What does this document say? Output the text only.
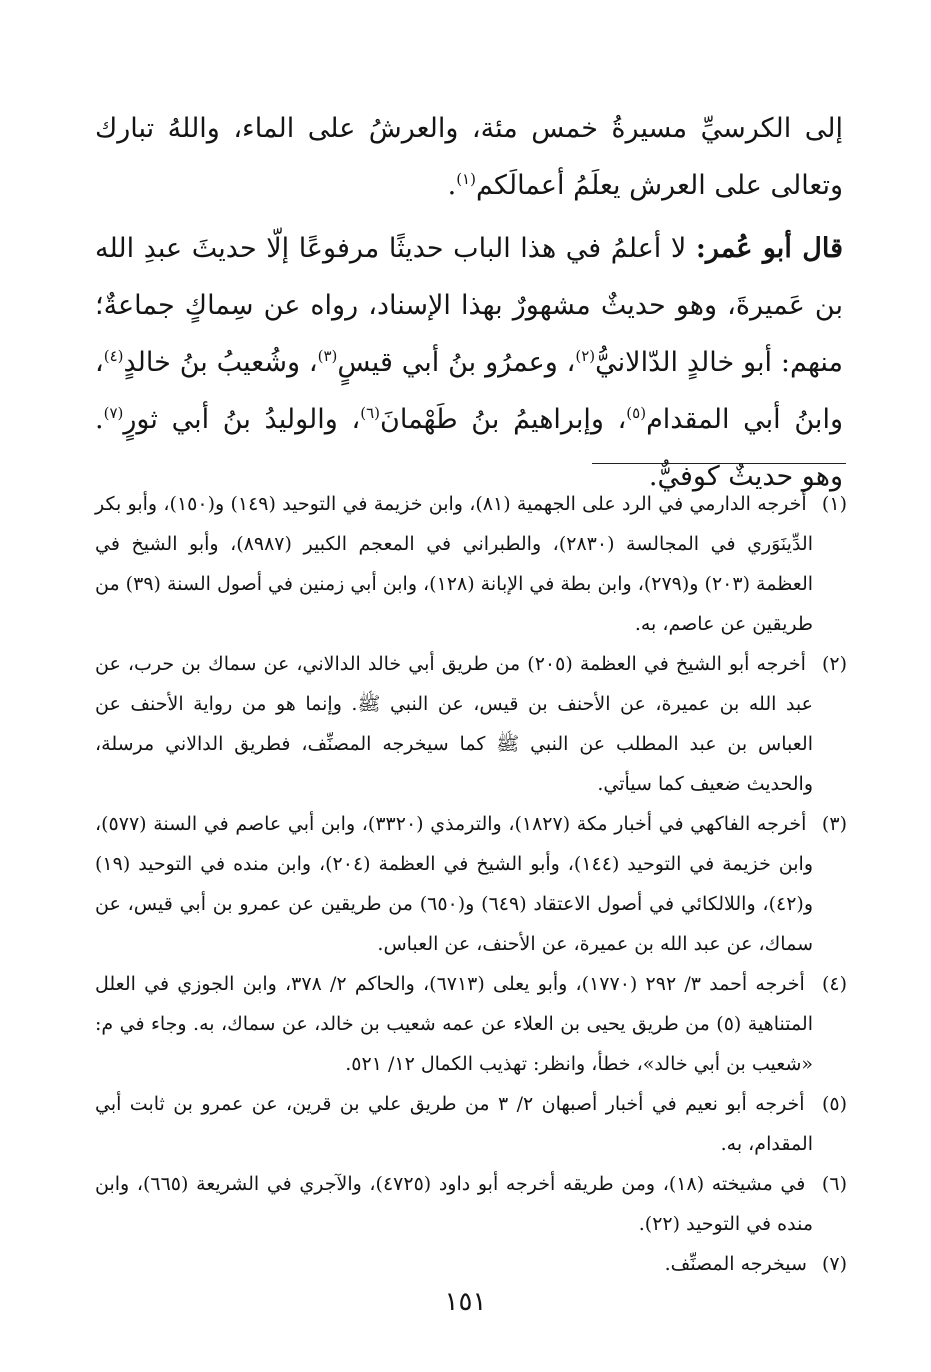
إلى الكرسيِّ مسيرةُ خمس مئة، والعرشُ على الماء، واللهُ تبارك وتعالى على العرش يعلَمُ أعمالَكم$^{(١)}$.

قال أبو عُمر: لا أعلمُ في هذا الباب حديثًا مرفوعًا إلّا حديثَ عبدِ الله بن عَميرةَ، وهو حديثٌ مشهورٌ بهذا الإسناد، رواه عن سِماكٍ جماعةٌ؛ منهم: أبو خالدٍ الدّالانيُّ$^{(٢)}$، وعمرُو بنُ أبي قيسٍ$^{(٣)}$، وشُعيبُ بنُ خالدٍ$^{(٤)}$، وابنُ أبي المقدام$^{(٥)}$، وإبراهيمُ بنُ طَهْمانَ$^{(٦)}$، والوليدُ بنُ أبي ثورٍ$^{(٧)}$. وهو حديثٌ كوفيٌّ.

(١) أخرجه الدارمي في الرد على الجهمية (٨١)، وابن خزيمة في التوحيد (١٤٩) و(١٥٠)، وأبو بكر الدِّينَوَري في المجالسة (٢٨٣٠)، والطبراني في المعجم الكبير (٨٩٨٧)، وأبو الشيخ في العظمة (٢٠٣) و(٢٧٩)، وابن بطة في الإبانة (١٢٨)، وابن أبي زمنين في أصول السنة (٣٩) من طريقين عن عاصم، به.

(٢) أخرجه أبو الشيخ في العظمة (٢٠٥) من طريق أبي خالد الدالاني، عن سماك بن حرب، عن عبد الله بن عميرة، عن الأحنف بن قيس، عن النبي ﷺ. وإنما هو من رواية الأحنف عن العباس بن عبد المطلب عن النبي ﷺ كما سيخرجه المصنِّف، فطريق الدالاني مرسلة، والحديث ضعيف كما سيأتي.

(٣) أخرجه الفاكهي في أخبار مكة (١٨٢٧)، والترمذي (٣٣٢٠)، وابن أبي عاصم في السنة (٥٧٧)، وابن خزيمة في التوحيد (١٤٤)، وأبو الشيخ في العظمة (٢٠٤)، وابن منده في التوحيد (١٩) و(٤٢)، واللالكائي في أصول الاعتقاد (٦٤٩) و(٦٥٠) من طريقين عن عمرو بن أبي قيس، عن سماك، عن عبد الله بن عميرة، عن الأحنف، عن العباس.

(٤) أخرجه أحمد ٣/ ٢٩٢ (١٧٧٠)، وأبو يعلى (٦٧١٣)، والحاكم ٢/ ٣٧٨، وابن الجوزي في العلل المتناهية (٥) من طريق يحيى بن العلاء عن عمه شعيب بن خالد، عن سماك، به. وجاء في م: «شعيب بن أبي خالد»، خطأ، وانظر: تهذيب الكمال ١٢/ ٥٢١.

(٥) أخرجه أبو نعيم في أخبار أصبهان ٢/ ٣ من طريق علي بن قرين، عن عمرو بن ثابت أبي المقدام، به.

(٦) في مشيخته (١٨)، ومن طريقه أخرجه أبو داود (٤٧٢٥)، والآجري في الشريعة (٦٦٥)، وابن منده في التوحيد (٢٢).

(٧) سيخرجه المصنِّف.

١٥١
